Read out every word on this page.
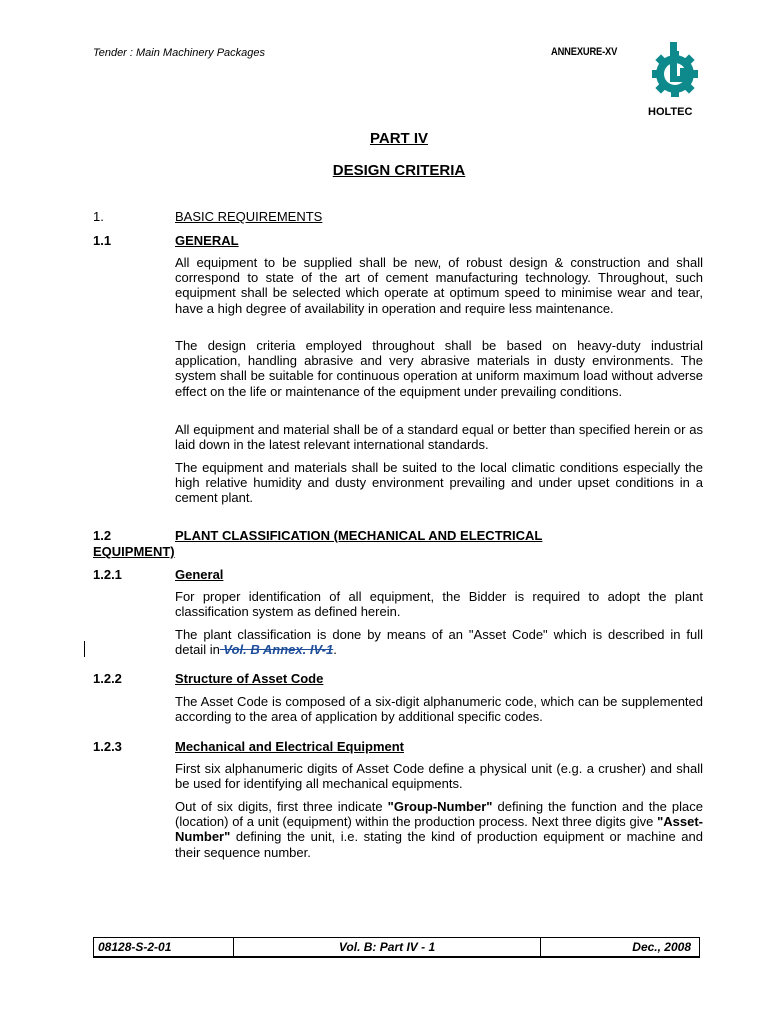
Tender : Main Machinery Packages	ANNEXURE-XV
HOLTEC
PART IV
DESIGN CRITERIA
1.	BASIC REQUIREMENTS
1.1	GENERAL

All equipment to be supplied shall be new, of robust design & construction and shall correspond to state of the art of cement manufacturing technology. Throughout, such equipment shall be selected which operate at optimum speed to minimise wear and tear, have a high degree of availability in operation and require less maintenance.

The design criteria employed throughout shall be based on heavy-duty industrial application, handling abrasive and very abrasive materials in dusty environments. The system shall be suitable for continuous operation at uniform maximum load without adverse effect on the life or maintenance of the equipment under prevailing conditions.

All equipment and material shall be of a standard equal or better than specified herein or as laid down in the latest relevant international standards.

The equipment and materials shall be suited to the local climatic conditions especially the high relative humidity and dusty environment prevailing and under upset conditions in a cement plant.

1.2	PLANT CLASSIFICATION (MECHANICAL AND ELECTRICAL
EQUIPMENT)
1.2.1	General

For proper identification of all equipment, the Bidder is required to adopt the plant classification system as defined herein.

The plant classification is done by means of an "Asset Code" which is described in full detail in Vol. B Annex. IV-1.

1.2.2	Structure of Asset Code

The Asset Code is composed of a six-digit alphanumeric code, which can be supplemented according to the area of application by additional specific codes.

1.2.3	Mechanical and Electrical Equipment

First six alphanumeric digits of Asset Code define a physical unit (e.g. a crusher) and shall be used for identifying all mechanical equipments.

Out of six digits, first three indicate "Group-Number" defining the function and the place (location) of a unit (equipment) within the production process. Next three digits give "Asset-Number" defining the unit, i.e. stating the kind of production equipment or machine and their sequence number.

08128-S-2-01	Vol. B: Part IV - 1	Dec., 2008
